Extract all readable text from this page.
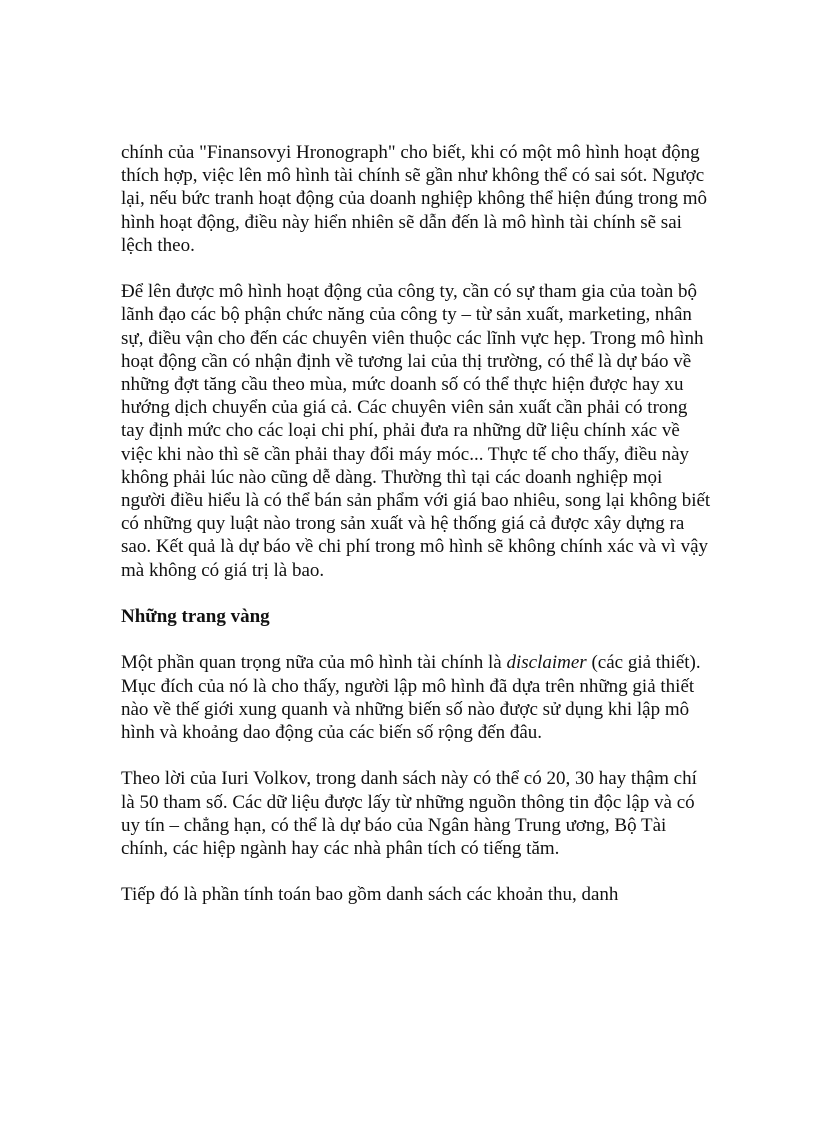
chính của "Finansovyi Hronograph" cho biết, khi có một mô hình hoạt động thích hợp, việc lên mô hình tài chính sẽ gần như không thể có sai sót. Ngược lại, nếu bức tranh hoạt động của doanh nghiệp không thể hiện đúng trong mô hình hoạt động, điều này hiển nhiên sẽ dẫn đến là mô hình tài chính sẽ sai lệch theo.

Để lên được mô hình hoạt động của công ty, cần có sự tham gia của toàn bộ lãnh đạo các bộ phận chức năng của công ty – từ sản xuất, marketing, nhân sự, điều vận cho đến các chuyên viên thuộc các lĩnh vực hẹp. Trong mô hình hoạt động cần có nhận định về tương lai của thị trường, có thể là dự báo về những đợt tăng cầu theo mùa, mức doanh số có thể thực hiện được hay xu hướng dịch chuyển của giá cả. Các chuyên viên sản xuất cần phải có trong tay định mức cho các loại chi phí, phải đưa ra những dữ liệu chính xác về việc khi nào thì sẽ cần phải thay đổi máy móc... Thực tế cho thấy, điều này không phải lúc nào cũng dễ dàng. Thường thì tại các doanh nghiệp mọi người điều hiểu là có thể bán sản phẩm với giá bao nhiêu, song lại không biết có những quy luật nào trong sản xuất và hệ thống giá cả được xây dựng ra sao. Kết quả là dự báo về chi phí trong mô hình sẽ không chính xác và vì vậy mà không có giá trị là bao.

Những trang vàng

Một phần quan trọng nữa của mô hình tài chính là disclaimer (các giả thiết). Mục đích của nó là cho thấy, người lập mô hình đã dựa trên những giả thiết nào về thế giới xung quanh và những biến số nào được sử dụng khi lập mô hình và khoảng dao động của các biến số rộng đến đâu.

Theo lời của Iuri Volkov, trong danh sách này có thể có 20, 30 hay thậm chí là 50 tham số. Các dữ liệu được lấy từ những nguồn thông tin độc lập và có uy tín – chẳng hạn, có thể là dự báo của Ngân hàng Trung ương, Bộ Tài chính, các hiệp ngành hay các nhà phân tích có tiếng tăm.

Tiếp đó là phần tính toán bao gồm danh sách các khoản thu, danh
